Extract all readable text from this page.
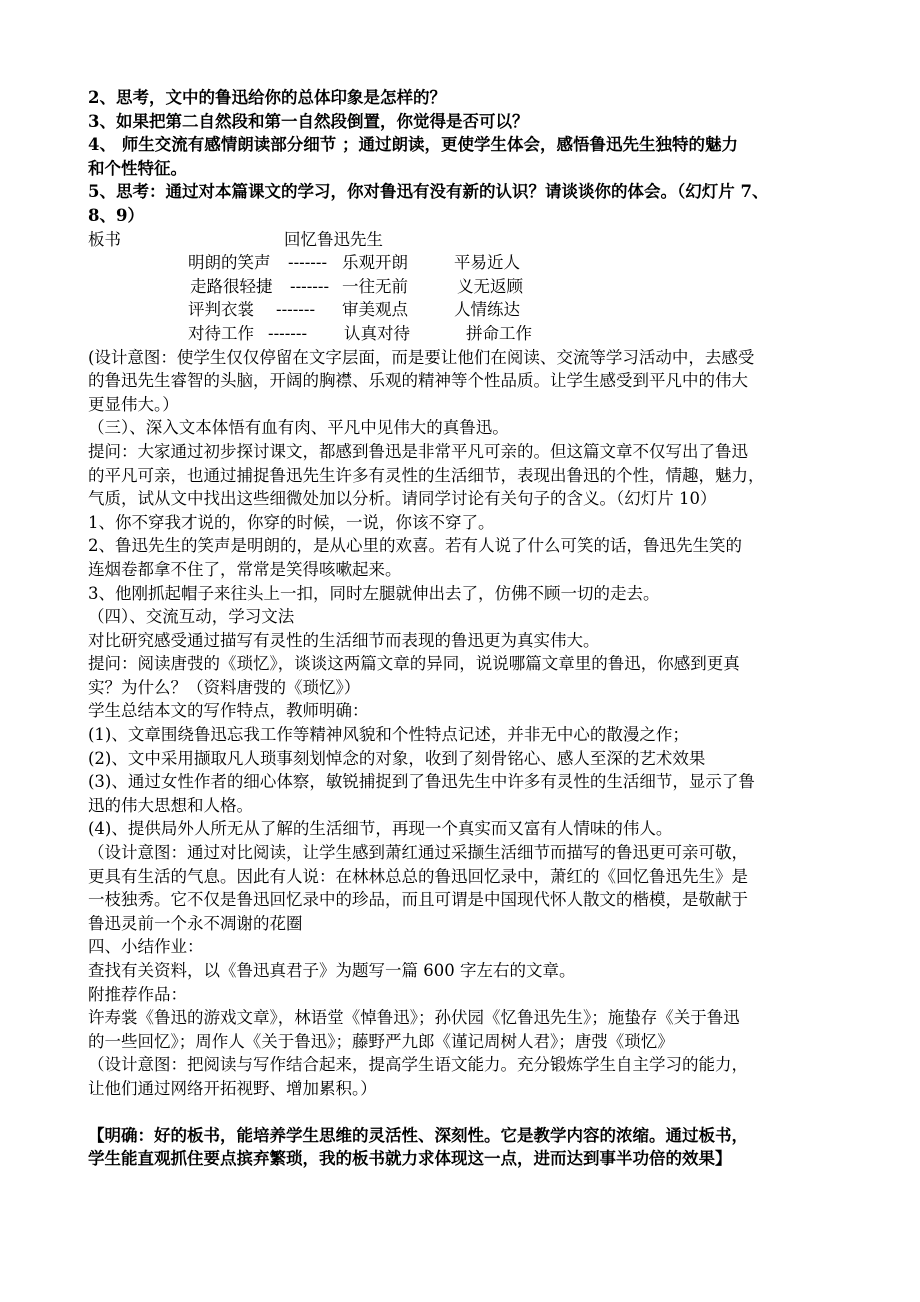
2、思考，文中的鲁迅给你的总体印象是怎样的？
3、如果把第二自然段和第一自然段倒置，你觉得是否可以？
4、 师生交流有感情朗读部分细节 ；通过朗读，更使学生体会，感悟鲁迅先生独特的魅力
和个性特征。
5、思考：通过对本篇课文的学习，你对鲁迅有没有新的认识？请谈谈你的体会。（幻灯片 7、
8、9）
板书	回忆鲁迅先生
明朗的笑声 ------- 乐观开朗	平易近人
走路很轻捷 ------- 一往无前	义无返顾
评判衣裳 ------- 审美观点	人情练达
对待工作 ------- 认真对待	拼命工作
(设计意图：使学生仅仅停留在文字层面，而是要让他们在阅读、交流等学习活动中，去感受
的鲁迅先生睿智的头脑，开阔的胸襟、乐观的精神等个性品质。让学生感受到平凡中的伟大
更显伟大。）
（三）、深入文本体悟有血有肉、平凡中见伟大的真鲁迅。
提问：大家通过初步探讨课文，都感到鲁迅是非常平凡可亲的。但这篇文章不仅写出了鲁迅
的平凡可亲，也通过捕捉鲁迅先生许多有灵性的生活细节，表现出鲁迅的个性，情趣，魅力，
气质，试从文中找出这些细微处加以分析。请同学讨论有关句子的含义。（幻灯片 10）
1、你不穿我才说的，你穿的时候，一说，你该不穿了。
2、鲁迅先生的笑声是明朗的，是从心里的欢喜。若有人说了什么可笑的话，鲁迅先生笑的
连烟卷都拿不住了，常常是笑得咳嗽起来。
3、他刚抓起帽子来往头上一扣，同时左腿就伸出去了，仿佛不顾一切的走去。
（四）、交流互动，学习文法
对比研究感受通过描写有灵性的生活细节而表现的鲁迅更为真实伟大。
提问：阅读唐弢的《琐忆》，谈谈这两篇文章的异同，说说哪篇文章里的鲁迅，你感到更真
实？为什么？（资料唐弢的《琐忆》）
学生总结本文的写作特点，教师明确：
(1)、文章围绕鲁迅忘我工作等精神风貌和个性特点记述，并非无中心的散漫之作；
(2)、文中采用撷取凡人琐事刻划悼念的对象，收到了刻骨铭心、感人至深的艺术效果
(3)、通过女性作者的细心体察，敏锐捕捉到了鲁迅先生中许多有灵性的生活细节，显示了鲁
迅的伟大思想和人格。
(4)、提供局外人所无从了解的生活细节，再现一个真实而又富有人情味的伟人。
（设计意图：通过对比阅读，让学生感到萧红通过采撷生活细节而描写的鲁迅更可亲可敬，
更具有生活的气息。因此有人说：在林林总总的鲁迅回忆录中，萧红的《回忆鲁迅先生》是
一枝独秀。它不仅是鲁迅回忆录中的珍品，而且可谓是中国现代怀人散文的楷模，是敬献于
鲁迅灵前一个永不凋谢的花圈
四、小结作业：
查找有关资料，以《鲁迅真君子》为题写一篇 600 字左右的文章。
附推荐作品：
许寿裳《鲁迅的游戏文章》，林语堂《悼鲁迅》；孙伏园《忆鲁迅先生》；施蛰存《关于鲁迅
的一些回忆》；周作人《关于鲁迅》；藤野严九郎《谨记周树人君》；唐弢《琐忆》
（设计意图：把阅读与写作结合起来，提高学生语文能力。充分锻炼学生自主学习的能力，
让他们通过网络开拓视野、增加累积。）
【明确：好的板书，能培养学生思维的灵活性、深刻性。它是教学内容的浓缩。通过板书，
学生能直观抓住要点摈弃繁琐，我的板书就力求体现这一点，进而达到事半功倍的效果】
